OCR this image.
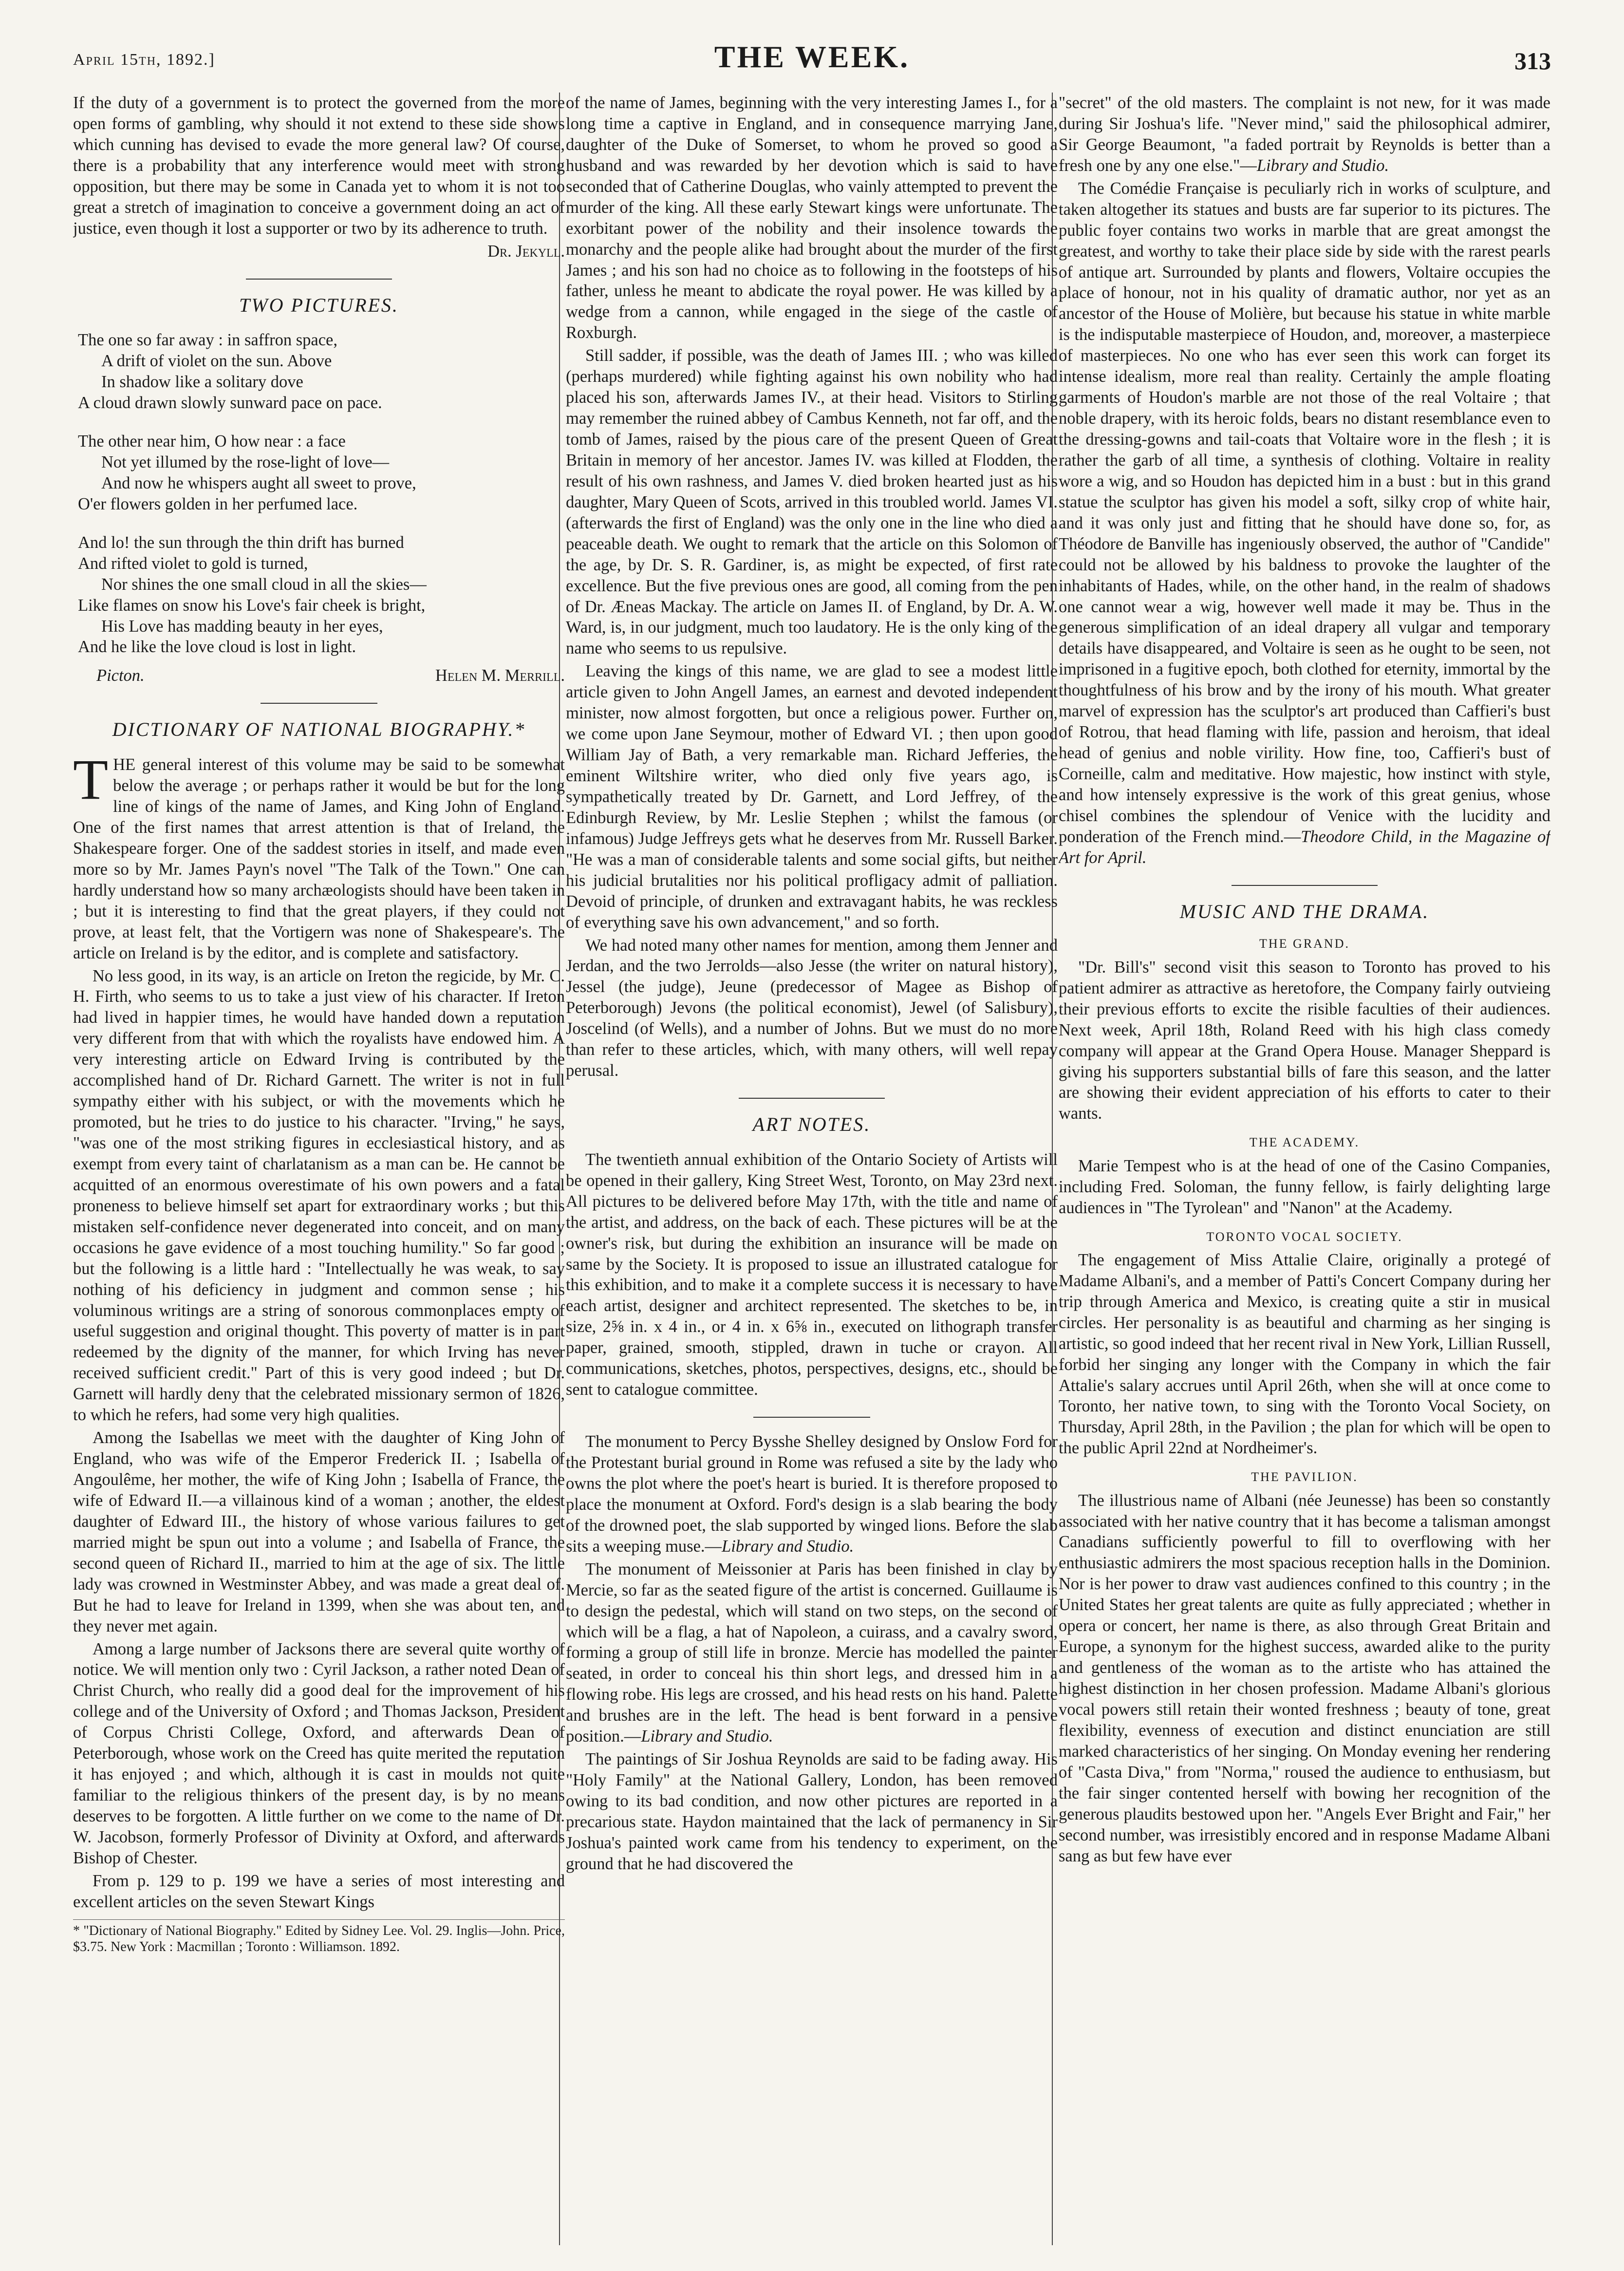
April 15th, 1892.]	THE WEEK.	313

If the duty of a government is to protect the governed from the more open forms of gambling, why should it not extend to these side shows which cunning has devised to evade the more general law? Of course, there is a probability that any interference would meet with strong opposition, but there may be some in Canada yet to whom it is not too great a stretch of imagination to conceive a government doing an act of justice, even though it lost a supporter or two by its adherence to truth.

Dr. Jekyll.
TWO PICTURES.
The one so far away : in saffron space,
A drift of violet on the sun. Above
In shadow like a solitary dove
A cloud drawn slowly sunward pace on pace.
The other near him, O how near : a face
Not yet illumed by the rose-light of love—
And now he whispers aught all sweet to prove,
O'er flowers golden in her perfumed lace.
And lo! the sun through the thin drift has burned
And rifted violet to gold is turned,
Nor shines the one small cloud in all the skies—
Like flames on snow his Love's fair cheek is bright,
His Love has madding beauty in her eyes,
And he like the love cloud is lost in light.
Picton.	Helen M. Merrill.
DICTIONARY OF NATIONAL BIOGRAPHY.*

THE general interest of this volume may be said to be somewhat below the average ; or perhaps rather it would be but for the long line of kings of the name of James, and King John of England. One of the first names that arrest attention is that of Ireland, the Shakespeare forger. One of the saddest stories in itself, and made even more so by Mr. James Payn's novel "The Talk of the Town." One can hardly understand how so many archæologists should have been taken in ; but it is interesting to find that the great players, if they could not prove, at least felt, that the Vortigern was none of Shakespeare's. The article on Ireland is by the editor, and is complete and satisfactory.

No less good, in its way, is an article on Ireton the regicide, by Mr. C. H. Firth, who seems to us to take a just view of his character. If Ireton had lived in happier times, he would have handed down a reputation very different from that with which the royalists have endowed him. A very interesting article on Edward Irving is contributed by the accomplished hand of Dr. Richard Garnett. The writer is not in full sympathy either with his subject, or with the movements which he promoted, but he tries to do justice to his character. "Irving," he says, "was one of the most striking figures in ecclesiastical history, and as exempt from every taint of charlatanism as a man can be. He cannot be acquitted of an enormous overestimate of his own powers and a fatal proneness to believe himself set apart for extraordinary works ; but this mistaken self-confidence never degenerated into conceit, and on many occasions he gave evidence of a most touching humility." So far good ; but the following is a little hard : "Intellectually he was weak, to say nothing of his deficiency in judgment and common sense ; his voluminous writings are a string of sonorous commonplaces empty of useful suggestion and original thought. This poverty of matter is in part redeemed by the dignity of the manner, for which Irving has never received sufficient credit." Part of this is very good indeed ; but Dr. Garnett will hardly deny that the celebrated missionary sermon of 1826, to which he refers, had some very high qualities.

Among the Isabellas we meet with the daughter of King John of England, who was wife of the Emperor Frederick II. ; Isabella of Angoulême, her mother, the wife of King John ; Isabella of France, the wife of Edward II.—a villainous kind of a woman ; another, the eldest daughter of Edward III., the history of whose various failures to get married might be spun out into a volume ; and Isabella of France, the second queen of Richard II., married to him at the age of six. The little lady was crowned in Westminster Abbey, and was made a great deal of. But he had to leave for Ireland in 1399, when she was about ten, and they never met again.

Among a large number of Jacksons there are several quite worthy of notice. We will mention only two : Cyril Jackson, a rather noted Dean of Christ Church, who really did a good deal for the improvement of his college and of the University of Oxford ; and Thomas Jackson, President of Corpus Christi College, Oxford, and afterwards Dean of Peterborough, whose work on the Creed has quite merited the reputation it has enjoyed ; and which, although it is cast in moulds not quite familiar to the religious thinkers of the present day, is by no means deserves to be forgotten. A little further on we come to the name of Dr. W. Jacobson, formerly Professor of Divinity at Oxford, and afterwards Bishop of Chester.

From p. 129 to p. 199 we have a series of most interesting and excellent articles on the seven Stewart Kings

* "Dictionary of National Biography." Edited by Sidney Lee. Vol. 29. Inglis—John. Price, $3.75. New York : Macmillan ; Toronto : Williamson. 1892.

of the name of James, beginning with the very interesting James I., for a long time a captive in England, and in consequence marrying Jane, daughter of the Duke of Somerset, to whom he proved so good a husband and was rewarded by her devotion which is said to have seconded that of Catherine Douglas, who vainly attempted to prevent the murder of the king. All these early Stewart kings were unfortunate. The exorbitant power of the nobility and their insolence towards the monarchy and the people alike had brought about the murder of the first James ; and his son had no choice as to following in the footsteps of his father, unless he meant to abdicate the royal power. He was killed by a wedge from a cannon, while engaged in the siege of the castle of Roxburgh.

Still sadder, if possible, was the death of James III. ; who was killed (perhaps murdered) while fighting against his own nobility who had placed his son, afterwards James IV., at their head. Visitors to Stirling may remember the ruined abbey of Cambus Kenneth, not far off, and the tomb of James, raised by the pious care of the present Queen of Great Britain in memory of her ancestor. James IV. was killed at Flodden, the result of his own rashness, and James V. died broken hearted just as his daughter, Mary Queen of Scots, arrived in this troubled world. James VI. (afterwards the first of England) was the only one in the line who died a peaceable death. We ought to remark that the article on this Solomon of the age, by Dr. S. R. Gardiner, is, as might be expected, of first rate excellence. But the five previous ones are good, all coming from the pen of Dr. Æneas Mackay. The article on James II. of England, by Dr. A. W. Ward, is, in our judgment, much too laudatory. He is the only king of the name who seems to us repulsive.

Leaving the kings of this name, we are glad to see a modest little article given to John Angell James, an earnest and devoted independent minister, now almost forgotten, but once a religious power. Further on, we come upon Jane Seymour, mother of Edward VI. ; then upon good William Jay of Bath, a very remarkable man. Richard Jefferies, the eminent Wiltshire writer, who died only five years ago, is sympathetically treated by Dr. Garnett, and Lord Jeffrey, of the Edinburgh Review, by Mr. Leslie Stephen ; whilst the famous (or infamous) Judge Jeffreys gets what he deserves from Mr. Russell Barker. "He was a man of considerable talents and some social gifts, but neither his judicial brutalities nor his political profligacy admit of palliation. Devoid of principle, of drunken and extravagant habits, he was reckless of everything save his own advancement," and so forth.

We had noted many other names for mention, among them Jenner and Jerdan, and the two Jerrolds—also Jesse (the writer on natural history), Jessel (the judge), Jeune (predecessor of Magee as Bishop of Peterborough) Jevons (the political economist), Jewel (of Salisbury), Joscelind (of Wells), and a number of Johns. But we must do no more than refer to these articles, which, with many others, will well repay perusal.

ART NOTES.

The twentieth annual exhibition of the Ontario Society of Artists will be opened in their gallery, King Street West, Toronto, on May 23rd next. All pictures to be delivered before May 17th, with the title and name of the artist, and address, on the back of each. These pictures will be at the owner's risk, but during the exhibition an insurance will be made on same by the Society. It is proposed to issue an illustrated catalogue for this exhibition, and to make it a complete success it is necessary to have each artist, designer and architect represented. The sketches to be, in size, 2⅝ in. x 4 in., or 4 in. x 6⅝ in., executed on lithograph transfer paper, grained, smooth, stippled, drawn in tuche or crayon. All communications, sketches, photos, perspectives, designs, etc., should be sent to catalogue committee.

The monument to Percy Bysshe Shelley designed by Onslow Ford for the Protestant burial ground in Rome was refused a site by the lady who owns the plot where the poet's heart is buried. It is therefore proposed to place the monument at Oxford. Ford's design is a slab bearing the body of the drowned poet, the slab supported by winged lions. Before the slab sits a weeping muse.—Library and Studio.

The monument of Meissonier at Paris has been finished in clay by Mercie, so far as the seated figure of the artist is concerned. Guillaume is to design the pedestal, which will stand on two steps, on the second of which will be a flag, a hat of Napoleon, a cuirass, and a cavalry sword, forming a group of still life in bronze. Mercie has modelled the painter seated, in order to conceal his thin short legs, and dressed him in a flowing robe. His legs are crossed, and his head rests on his hand. Palette and brushes are in the left. The head is bent forward in a pensive position.—Library and Studio.

The paintings of Sir Joshua Reynolds are said to be fading away. His "Holy Family" at the National Gallery, London, has been removed owing to its bad condition, and now other pictures are reported in a precarious state. Haydon maintained that the lack of permanency in Sir Joshua's painted work came from his tendency to experiment, on the ground that he had discovered the

"secret" of the old masters. The complaint is not new, for it was made during Sir Joshua's life. "Never mind," said the philosophical admirer, Sir George Beaumont, "a faded portrait by Reynolds is better than a fresh one by any one else."—Library and Studio.

The Comédie Française is peculiarly rich in works of sculpture, and taken altogether its statues and busts are far superior to its pictures. The public foyer contains two works in marble that are great amongst the greatest, and worthy to take their place side by side with the rarest pearls of antique art. Surrounded by plants and flowers, Voltaire occupies the place of honour, not in his quality of dramatic author, nor yet as an ancestor of the House of Molière, but because his statue in white marble is the indisputable masterpiece of Houdon, and, moreover, a masterpiece of masterpieces. No one who has ever seen this work can forget its intense idealism, more real than reality. Certainly the ample floating garments of Houdon's marble are not those of the real Voltaire ; that noble drapery, with its heroic folds, bears no distant resemblance even to the dressing-gowns and tail-coats that Voltaire wore in the flesh ; it is rather the garb of all time, a synthesis of clothing. Voltaire in reality wore a wig, and so Houdon has depicted him in a bust : but in this grand statue the sculptor has given his model a soft, silky crop of white hair, and it was only just and fitting that he should have done so, for, as Théodore de Banville has ingeniously observed, the author of "Candide" could not be allowed by his baldness to provoke the laughter of the inhabitants of Hades, while, on the other hand, in the realm of shadows one cannot wear a wig, however well made it may be. Thus in the generous simplification of an ideal drapery all vulgar and temporary details have disappeared, and Voltaire is seen as he ought to be seen, not imprisoned in a fugitive epoch, both clothed for eternity, immortal by the thoughtfulness of his brow and by the irony of his mouth. What greater marvel of expression has the sculptor's art produced than Caffieri's bust of Rotrou, that head flaming with life, passion and heroism, that ideal head of genius and noble virility. How fine, too, Caffieri's bust of Corneille, calm and meditative. How majestic, how instinct with style, and how intensely expressive is the work of this great genius, whose chisel combines the splendour of Venice with the lucidity and ponderation of the French mind.—Theodore Child, in the Magazine of Art for April.

MUSIC AND THE DRAMA.
THE GRAND.

"Dr. Bill's" second visit this season to Toronto has proved to his patient admirer as attractive as heretofore, the Company fairly outvieing their previous efforts to excite the risible faculties of their audiences. Next week, April 18th, Roland Reed with his high class comedy company will appear at the Grand Opera House. Manager Sheppard is giving his supporters substantial bills of fare this season, and the latter are showing their evident appreciation of his efforts to cater to their wants.

THE ACADEMY.

Marie Tempest who is at the head of one of the Casino Companies, including Fred. Soloman, the funny fellow, is fairly delighting large audiences in "The Tyrolean" and "Nanon" at the Academy.

TORONTO VOCAL SOCIETY.

The engagement of Miss Attalie Claire, originally a protegé of Madame Albani's, and a member of Patti's Concert Company during her trip through America and Mexico, is creating quite a stir in musical circles. Her personality is as beautiful and charming as her singing is artistic, so good indeed that her recent rival in New York, Lillian Russell, forbid her singing any longer with the Company in which the fair Attalie's salary accrues until April 26th, when she will at once come to Toronto, her native town, to sing with the Toronto Vocal Society, on Thursday, April 28th, in the Pavilion ; the plan for which will be open to the public April 22nd at Nordheimer's.

THE PAVILION.

The illustrious name of Albani (née Jeunesse) has been so constantly associated with her native country that it has become a talisman amongst Canadians sufficiently powerful to fill to overflowing with her enthusiastic admirers the most spacious reception halls in the Dominion. Nor is her power to draw vast audiences confined to this country ; in the United States her great talents are quite as fully appreciated ; whether in opera or concert, her name is there, as also through Great Britain and Europe, a synonym for the highest success, awarded alike to the purity and gentleness of the woman as to the artiste who has attained the highest distinction in her chosen profession. Madame Albani's glorious vocal powers still retain their wonted freshness ; beauty of tone, great flexibility, evenness of execution and distinct enunciation are still marked characteristics of her singing. On Monday evening her rendering of "Casta Diva," from "Norma," roused the audience to enthusiasm, but the fair singer contented herself with bowing her recognition of the generous plaudits bestowed upon her. "Angels Ever Bright and Fair," her second number, was irresistibly encored and in response Madame Albani sang as but few have ever
